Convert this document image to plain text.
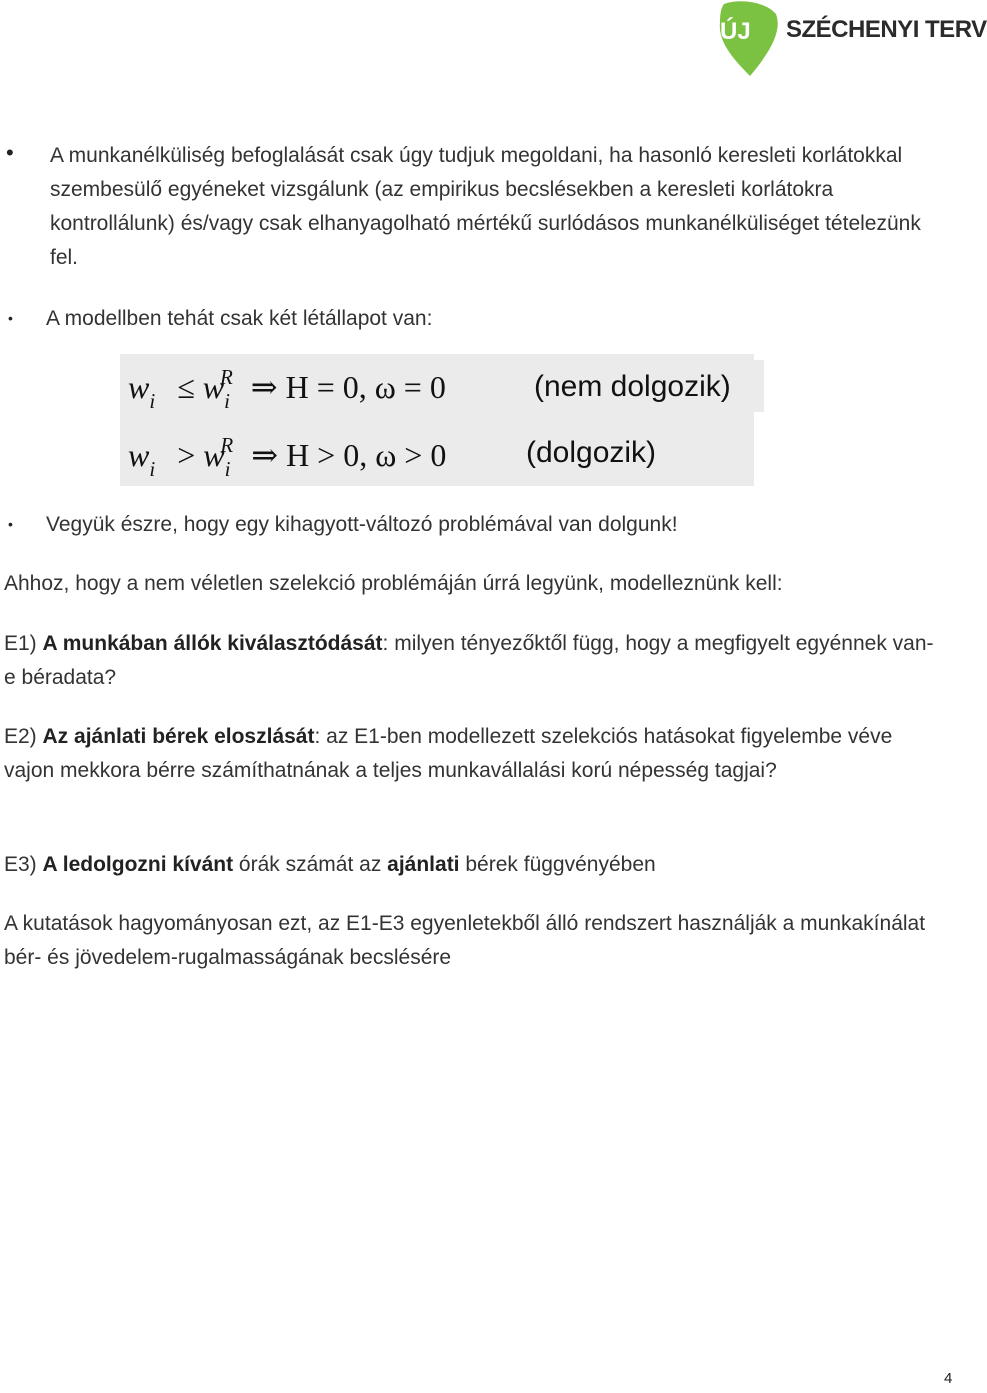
ÚJ SZÉCHENYI TERV
• A munkanélküliség befoglalását csak úgy tudjuk megoldani, ha hasonló keresleti korlátokkal szembesülő egyéneket vizsgálunk (az empirikus becslésekben a keresleti korlátokra kontrollálunk) és/vagy csak elhanyagolható mértékű surlódásos munkanélküliséget tételezünk fel.
• A modellben tehát csak két létállapot van:
$w_i \le w_i^R$ ⇒ H = 0, ω = 0	(nem dolgozik)
$w_i > w_i^R$ ⇒ H > 0, ω > 0	(dolgozik)
• Vegyük észre, hogy egy kihagyott-változó problémával van dolgunk!
Ahhoz, hogy a nem véletlen szelekció problémáján úrrá legyünk, modelleznünk kell:
E1) A munkában állók kiválasztódását: milyen tényezőktől függ, hogy a megfigyelt egyénnek van-e béradata?
E2) Az ajánlati bérek eloszlását: az E1-ben modellezett szelekciós hatásokat figyelembe véve vajon mekkora bérre számíthatnának a teljes munkavállalási korú népesség tagjai?
E3) A ledolgozni kívánt órák számát az ajánlati bérek függvényében
A kutatások hagyományosan ezt, az E1-E3 egyenletekből álló rendszert használják a munkakínálat bér- és jövedelem-rugalmasságának becslésére
4
